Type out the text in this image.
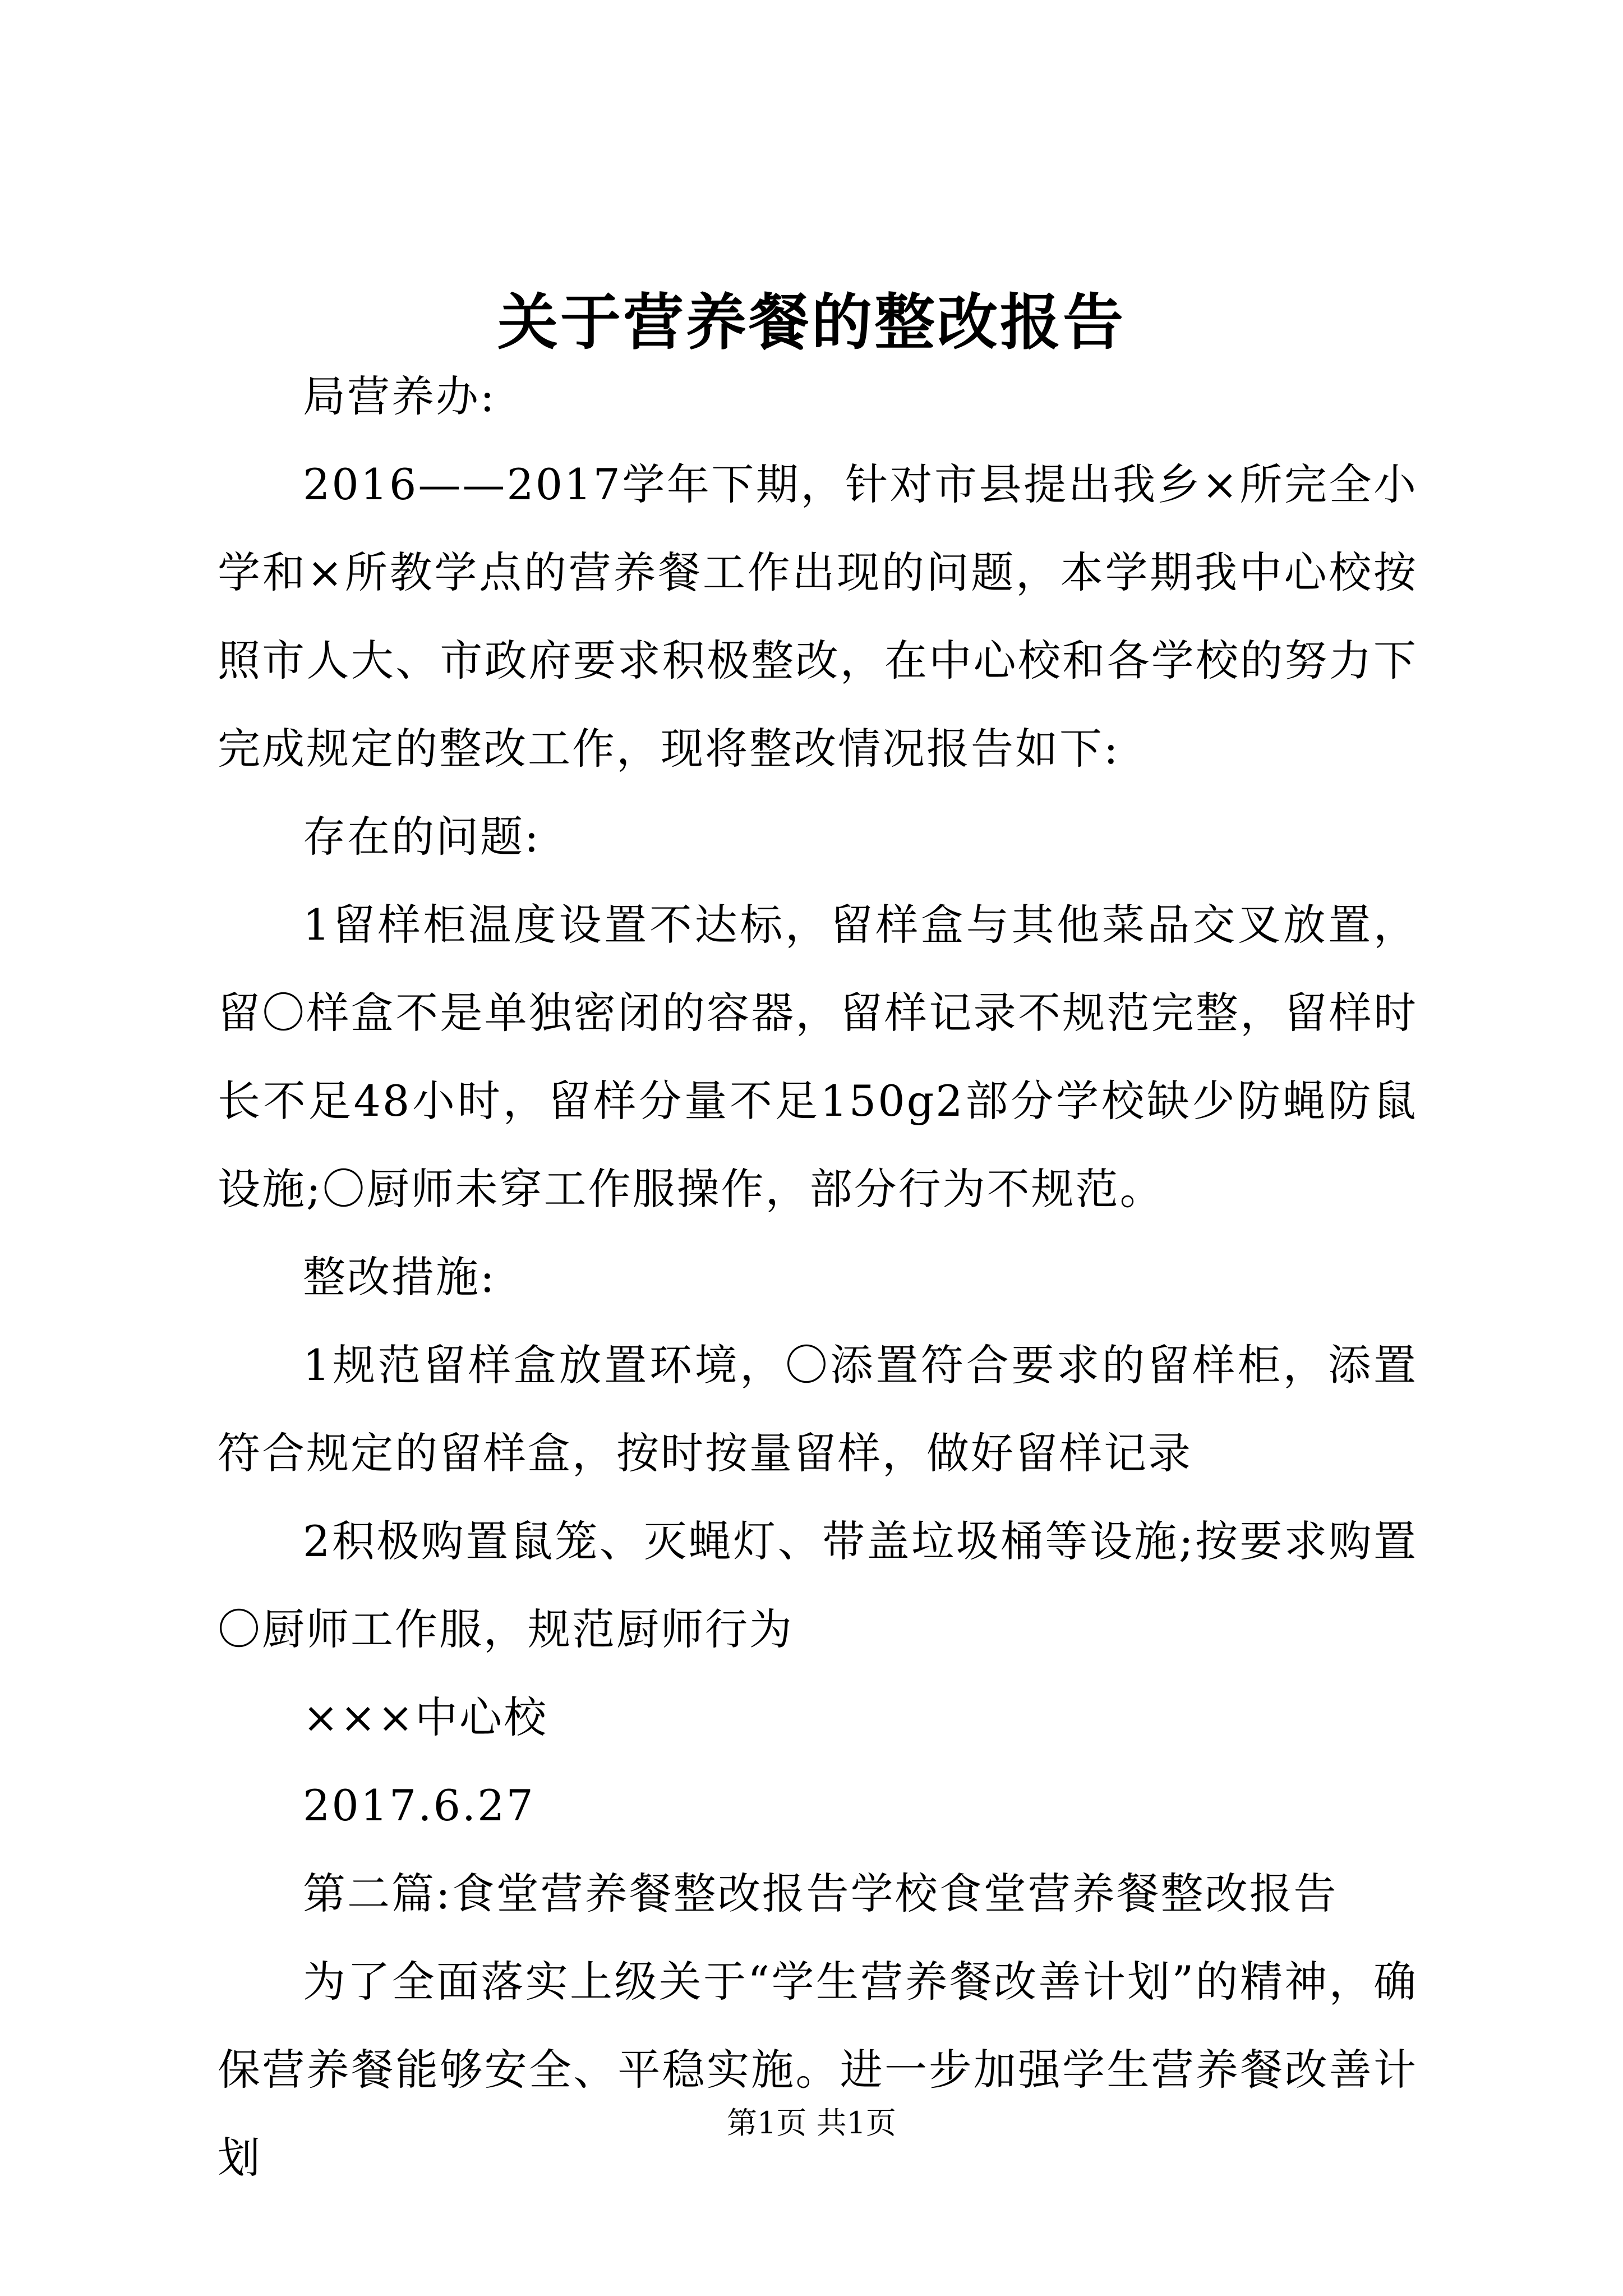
关于营养餐的整改报告

局营养办:

2016——2017学年下期，针对市县提出我乡×所完全小学和×所教学点的营养餐工作出现的问题，本学期我中心校按照市人大、市政府要求积极整改，在中心校和各学校的努力下完成规定的整改工作，现将整改情况报告如下:

存在的问题:

1留样柜温度设置不达标，留样盒与其他菜品交叉放置，留〇样盒不是单独密闭的容器，留样记录不规范完整，留样时长不足48小时，留样分量不足150g2部分学校缺少防蝇防鼠设施;〇厨师未穿工作服操作，部分行为不规范。

整改措施:

1规范留样盒放置环境，〇添置符合要求的留样柜，添置符合规定的留样盒，按时按量留样，做好留样记录

2积极购置鼠笼、灭蝇灯、带盖垃圾桶等设施;按要求购置〇厨师工作服，规范厨师行为

×××中心校

2017.6.27

第二篇:食堂营养餐整改报告学校食堂营养餐整改报告

为了全面落实上级关于“学生营养餐改善计划”的精神，确保营养餐能够安全、平稳实施。进一步加强学生营养餐改善计划

第1页 共1页
